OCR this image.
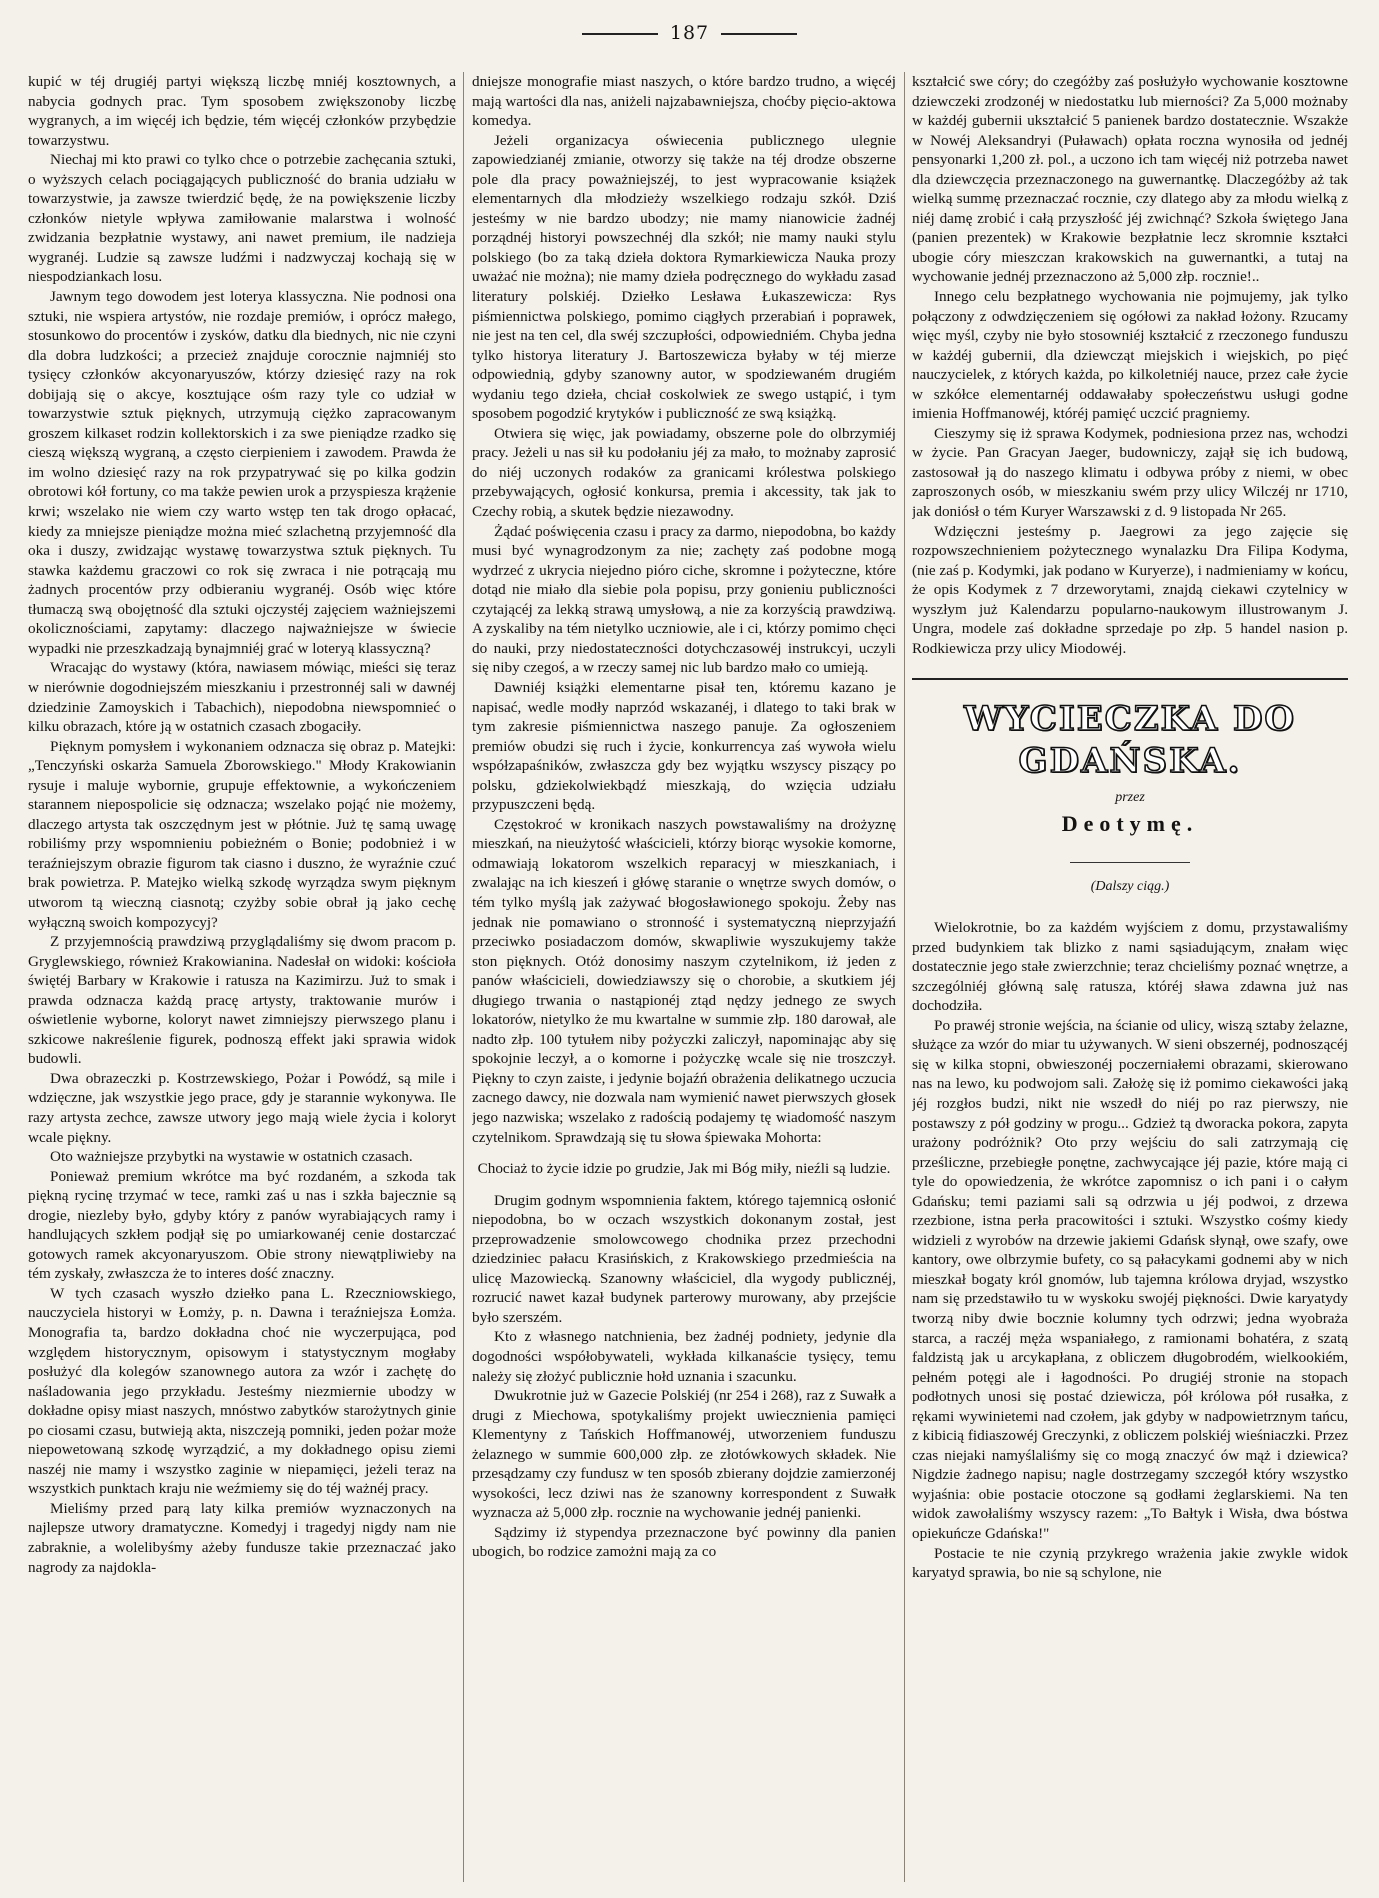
187

kupić w téj drugiéj partyi większą liczbę mniéj kosztownych, a nabycia godnych prac. Tym sposobem zwiększonoby liczbę wygranych, a im więcéj ich będzie, tém więcéj członków przybędzie towarzystwu.

Niechaj mi kto prawi co tylko chce o potrzebie zachęcania sztuki, o wyższych celach pociągających publiczność do brania udziału w towarzystwie, ja zawsze twierdzić będę, że na powiększenie liczby członków nietyle wpływa zamiłowanie malarstwa i wolność zwidzania bezpłatnie wystawy, ani nawet premium, ile nadzieja wygranéj. Ludzie są zawsze ludźmi i nadzwyczaj kochają się w niespodziankach losu.

Jawnym tego dowodem jest loterya klassyczna. Nie podnosi ona sztuki, nie wspiera artystów, nie rozdaje premiów, i oprócz małego, stosunkowo do procentów i zysków, datku dla biednych, nic nie czyni dla dobra ludzkości; a przecież znajduje corocznie najmniéj sto tysięcy członków akcyonaryuszów, którzy dziesięć razy na rok dobijają się o akcye, kosztujące ośm razy tyle co udział w towarzystwie sztuk pięknych, utrzymują ciężko zapracowanym groszem kilkaset rodzin kollektorskich i za swe pieniądze rzadko się cieszą większą wygraną, a często cierpieniem i zawodem. Prawda że im wolno dziesięć razy na rok przypatrywać się po kilka godzin obrotowi kół fortuny, co ma także pewien urok a przyspiesza krążenie krwi; wszelako nie wiem czy warto wstęp ten tak drogo opłacać, kiedy za mniejsze pieniądze można mieć szlachetną przyjemność dla oka i duszy, zwidzając wystawę towarzystwa sztuk pięknych. Tu stawka każdemu graczowi co rok się zwraca i nie potrącają mu żadnych procentów przy odbieraniu wygranéj. Osób więc które tłumaczą swą obojętność dla sztuki ojczystéj zajęciem ważniejszemi okolicznościami, zapytamy: dlaczego najważniejsze w świecie wypadki nie przeszkadzają bynajmniéj grać w loteryą klassyczną?

Wracając do wystawy (która, nawiasem mówiąc, mieści się teraz w nierównie dogodniejszém mieszkaniu i przestronnéj sali w dawnéj dziedzinie Zamoyskich i Tabachich), niepodobna niewspomnieć o kilku obrazach, które ją w ostatnich czasach zbogaciły.

Pięknym pomysłem i wykonaniem odznacza się obraz p. Matejki: „Tenczyński oskarża Samuela Zborowskiego." Młody Krakowianin rysuje i maluje wybornie, grupuje effektownie, a wykończeniem starannem niepospolicie się odznacza; wszelako pojąć nie możemy, dlaczego artysta tak oszczędnym jest w płótnie. Już tę samą uwagę robiliśmy przy wspomnieniu pobieżném o Bonie; podobnież i w teraźniejszym obrazie figurom tak ciasno i duszno, że wyraźnie czuć brak powietrza. P. Matejko wielką szkodę wyrządza swym pięknym utworom tą wieczną ciasnotą; czyżby sobie obrał ją jako cechę wyłączną swoich kompozycyj?

Z przyjemnością prawdziwą przyglądaliśmy się dwom pracom p. Gryglewskiego, również Krakowianina. Nadesłał on widoki: kościoła świętéj Barbary w Krakowie i ratusza na Kazimirzu. Już to smak i prawda odznacza każdą pracę artysty, traktowanie murów i oświetlenie wyborne, koloryt nawet zimniejszy pierwszego planu i szkicowe nakreślenie figurek, podnoszą effekt jaki sprawia widok budowli.

Dwa obrazeczki p. Kostrzewskiego, Pożar i Powódź, są mile i wdzięczne, jak wszystkie jego prace, gdy je starannie wykonywa. Ile razy artysta zechce, zawsze utwory jego mają wiele życia i koloryt wcale piękny.

Oto ważniejsze przybytki na wystawie w ostatnich czasach.

Ponieważ premium wkrótce ma być rozdaném, a szkoda tak piękną rycinę trzymać w tece, ramki zaś u nas i szkła bajecznie są drogie, niezleby było, gdyby który z panów wyrabiających ramy i handlujących szkłem podjął się po umiarkowanéj cenie dostarczać gotowych ramek akcyonaryuszom. Obie strony niewątpliwieby na tém zyskały, zwłaszcza że to interes dość znaczny.

W tych czasach wyszło dziełko pana L. Rzeczniowskiego, nauczyciela historyi w Łomży, p. n. Dawna i teraźniejsza Łomża. Monografia ta, bardzo dokładna choć nie wyczerpująca, pod względem historycznym, opisowym i statystycznym mogłaby posłużyć dla kolegów szanownego autora za wzór i zachętę do naśladowania jego przykładu. Jesteśmy niezmiernie ubodzy w dokładne opisy miast naszych, mnóstwo zabytków starożytnych ginie po ciosami czasu, butwieją akta, niszczeją pomniki, jeden pożar może niepowetowaną szkodę wyrządzić, a my dokładnego opisu ziemi naszéj nie mamy i wszystko zaginie w niepamięci, jeżeli teraz na wszystkich punktach kraju nie weźmiemy się do téj ważnéj pracy.

Mieliśmy przed parą laty kilka premiów wyznaczonych na najlepsze utwory dramatyczne. Komedyj i tragedyj nigdy nam nie zabraknie, a wolelibyśmy ażeby fundusze takie przeznaczać jako nagrody za najdokla-

dniejsze monografie miast naszych, o które bardzo trudno, a więcéj mają wartości dla nas, aniżeli najzabawniejsza, choćby pięcio-aktowa komedya.

Jeżeli organizacya oświecenia publicznego ulegnie zapowiedzianéj zmianie, otworzy się także na téj drodze obszerne pole dla pracy poważniejszéj, to jest wypracowanie książek elementarnych dla młodzieży wszelkiego rodzaju szkół. Dziś jesteśmy w nie bardzo ubodzy; nie mamy nianowicie żadnéj porządnéj historyi powszechnéj dla szkół; nie mamy nauki stylu polskiego (bo za taką dzieła doktora Rymarkiewicza Nauka prozy uważać nie można); nie mamy dzieła podręcznego do wykładu zasad literatury polskiéj. Dziełko Lesława Łukaszewicza: Rys piśmiennictwa polskiego, pomimo ciągłych przerabiań i poprawek, nie jest na ten cel, dla swéj szczupłości, odpowiedniém. Chyba jedna tylko historya literatury J. Bartoszewicza byłaby w téj mierze odpowiednią, gdyby szanowny autor, w spodziewaném drugiém wydaniu tego dzieła, chciał coskolwiek ze swego ustąpić, i tym sposobem pogodzić krytyków i publiczność ze swą książką.

Otwiera się więc, jak powiadamy, obszerne pole do olbrzymiéj pracy. Jeżeli u nas sił ku podołaniu jéj za mało, to możnaby zaprosić do niéj uczonych rodaków za granicami królestwa polskiego przebywających, ogłosić konkursa, premia i akcessity, tak jak to Czechy robią, a skutek będzie niezawodny.

Żądać poświęcenia czasu i pracy za darmo, niepodobna, bo każdy musi być wynagrodzonym za nie; zachęty zaś podobne mogą wydrzeć z ukrycia niejedno pióro ciche, skromne i pożyteczne, które dotąd nie miało dla siebie pola popisu, przy gonieniu publiczności czytającéj za lekką strawą umysłową, a nie za korzyścią prawdziwą. A zyskaliby na tém nietylko uczniowie, ale i ci, którzy pomimo chęci do nauki, przy niedostateczności dotychczasowéj instrukcyi, uczyli się niby czegoś, a w rzeczy samej nic lub bardzo mało co umieją.

Dawniéj książki elementarne pisał ten, któremu kazano je napisać, wedle modły naprzód wskazanéj, i dlatego to taki brak w tym zakresie piśmiennictwa naszego panuje. Za ogłoszeniem premiów obudzi się ruch i życie, konkurrencya zaś wywoła wielu współzapaśników, zwłaszcza gdy bez wyjątku wszyscy piszący po polsku, gdziekolwiekbądź mieszkają, do wzięcia udziału przypuszczeni będą.

Częstokroć w kronikach naszych powstawaliśmy na drożyznę mieszkań, na nieużytość właścicieli, którzy biorąc wysokie komorne, odmawiają lokatorom wszelkich reparacyj w mieszkaniach, i zwalając na ich kieszeń i główę staranie o wnętrze swych domów, o tém tylko myślą jak zażywać błogosławionego spokoju. Żeby nas jednak nie pomawiano o stronność i systematyczną nieprzyjaźń przeciwko posiadaczom domów, skwapliwie wyszukujemy także ston pięknych. Otóż donosimy naszym czytelnikom, iż jeden z panów właścicieli, dowiedziawszy się o chorobie, a skutkiem jéj długiego trwania o nastąpionéj ztąd nędzy jednego ze swych lokatorów, nietylko że mu kwartalne w summie złp. 180 darował, ale nadto złp. 100 tytułem niby pożyczki zaliczył, napominając aby się spokojnie leczył, a o komorne i pożyczkę wcale się nie troszczył. Piękny to czyn zaiste, i jedynie bojaźń obrażenia delikatnego uczucia zacnego dawcy, nie dozwala nam wymienić nawet pierwszych głosek jego nazwiska; wszelako z radością podajemy tę wiadomość naszym czytelnikom. Sprawdzają się tu słowa śpiewaka Mohorta:

Chociaż to życie idzie po grudzie, Jak mi Bóg miły, nieźli są ludzie.

Drugim godnym wspomnienia faktem, którego tajemnicą osłonić niepodobna, bo w oczach wszystkich dokonanym został, jest przeprowadzenie smolowcowego chodnika przez przechodni dziedziniec pałacu Krasińskich, z Krakowskiego przedmieścia na ulicę Mazowiecką. Szanowny właściciel, dla wygody publicznéj, rozrucić nawet kazał budynek parterowy murowany, aby przejście było szerszém.

Kto z własnego natchnienia, bez żadnéj podniety, jedynie dla dogodności współobywateli, wykłada kilkanaście tysięcy, temu należy się złożyć publicznie hołd uznania i szacunku.

Dwukrotnie już w Gazecie Polskiéj (nr 254 i 268), raz z Suwałk a drugi z Miechowa, spotykaliśmy projekt uwiecznienia pamięci Klementyny z Tańskich Hoffmanowéj, utworzeniem funduszu żelaznego w summie 600,000 złp. ze złotówkowych składek. Nie przesądzamy czy fundusz w ten sposób zbierany dojdzie zamierzonéj wysokości, lecz dziwi nas że szanowny korrespondent z Suwałk wyznacza aż 5,000 złp. rocznie na wychowanie jednéj panienki.

Sądzimy iż stypendya przeznaczone być powinny dla panien ubogich, bo rodzice zamożni mają za co

kształcić swe córy; do czegóżby zaś posłużyło wychowanie kosztowne dziewczeki zrodzonéj w niedostatku lub mierności? Za 5,000 możnaby w każdéj gubernii ukształcić 5 panienek bardzo dostatecznie. Wszakże w Nowéj Aleksandryi (Puławach) opłata roczna wynosiła od jednéj pensyonarki 1,200 zł. pol., a uczono ich tam więcéj niż potrzeba nawet dla dziewczęcia przeznaczonego na guwernantkę. Dlaczegóżby aż tak wielką summę przeznaczać rocznie, czy dlatego aby za młodu wielką z niéj damę zrobić i całą przyszłość jéj zwichnąć? Szkoła świętego Jana (panien prezentek) w Krakowie bezpłatnie lecz skromnie kształci ubogie córy mieszczan krakowskich na guwernantki, a tutaj na wychowanie jednéj przeznaczono aż 5,000 złp. rocznie!..

Innego celu bezpłatnego wychowania nie pojmujemy, jak tylko połączony z odwdzięczeniem się ogółowi za nakład łożony. Rzucamy więc myśl, czyby nie było stosowniéj kształcić z rzeczonego funduszu w każdéj gubernii, dla dziewcząt miejskich i wiejskich, po pięć nauczycielek, z których każda, po kilkoletniéj nauce, przez całe życie w szkółce elementarnéj oddawałaby społeczeństwu usługi godne imienia Hoffmanowéj, któréj pamięć uczcić pragniemy.

Cieszymy się iż sprawa Kodymek, podniesiona przez nas, wchodzi w życie. Pan Gracyan Jaeger, budowniczy, zajął się ich budową, zastosował ją do naszego klimatu i odbywa próby z niemi, w obec zaproszonych osób, w mieszkaniu swém przy ulicy Wilczéj nr 1710, jak doniósł o tém Kuryer Warszawski z d. 9 listopada Nr 265.

Wdzięczni jesteśmy p. Jaegrowi za jego zajęcie się rozpowszechnieniem pożytecznego wynalazku Dra Filipa Kodyma, (nie zaś p. Kodymki, jak podano w Kuryerze), i nadmieniamy w końcu, że opis Kodymek z 7 drzeworytami, znajdą ciekawi czytelnicy w wyszłym już Kalendarzu popularno-naukowym illustrowanym J. Ungra, modele zaś dokładne sprzedaje po złp. 5 handel nasion p. Rodkiewicza przy ulicy Miodowéj.

WYCIECZKA DO GDAŃSKA.
przez
Deotymę.
(Dalszy ciąg.)

Wielokrotnie, bo za każdém wyjściem z domu, przystawaliśmy przed budynkiem tak blizko z nami sąsiadującym, znałam więc dostatecznie jego stałe zwierzchnie; teraz chcieliśmy poznać wnętrze, a szczególniéj główną salę ratusza, któréj sława zdawna już nas dochodziła.

Po prawéj stronie wejścia, na ścianie od ulicy, wiszą sztaby żelazne, służące za wzór do miar tu używanych. W sieni obszernéj, podnoszącéj się w kilka stopni, obwieszonéj poczerniałemi obrazami, skierowano nas na lewo, ku podwojom sali. Założę się iż pomimo ciekawości jaką jéj rozgłos budzi, nikt nie wszedł do niéj po raz pierwszy, nie postawszy z pół godziny w progu... Gdzież tą dworacka pokora, zapyta urażony podróżnik? Oto przy wejściu do sali zatrzymają cię prześliczne, przebiegłe ponętne, zachwycające jéj pazie, które mają ci tyle do opowiedzenia, że wkrótce zapomnisz o ich pani i o całym Gdańsku; temi paziami sali są odrzwia u jéj podwoi, z drzewa rzezbione, istna perła pracowitości i sztuki. Wszystko cośmy kiedy widzieli z wyrobów na drzewie jakiemi Gdańsk słynął, owe szafy, owe kantory, owe olbrzymie bufety, co są pałacykami godnemi aby w nich mieszkał bogaty król gnomów, lub tajemna królowa dryjad, wszystko nam się przedstawiło tu w wyskoku swojéj piękności. Dwie karyatydy tworzą niby dwie bocznie kolumny tych odrzwi; jedna wyobraża starca, a raczéj męża wspaniałego, z ramionami bohatéra, z szatą faldzistą jak u arcykapłana, z obliczem długobrodém, wielkookiém, pełném potęgi ale i łagodności. Po drugiéj stronie na stopach podłotnych unosi się postać dziewicza, pół królowa pół rusałka, z rękami wywinietemi nad czołem, jak gdyby w nadpowietrznym tańcu, z kibicią fidiaszowéj Greczynki, z obliczem polskiéj wieśniaczki. Przez czas niejaki namyślaliśmy się co mogą znaczyć ów mąż i dziewica? Nigdzie żadnego napisu; nagle dostrzegamy szczegół który wszystko wyjaśnia: obie postacie otoczone są godłami żeglarskiemi. Na ten widok zawołaliśmy wszyscy razem: „To Bałtyk i Wisła, dwa bóstwa opiekuńcze Gdańska!"

Postacie te nie czynią przykrego wrażenia jakie zwykle widok karyatyd sprawia, bo nie są schylone, nie
